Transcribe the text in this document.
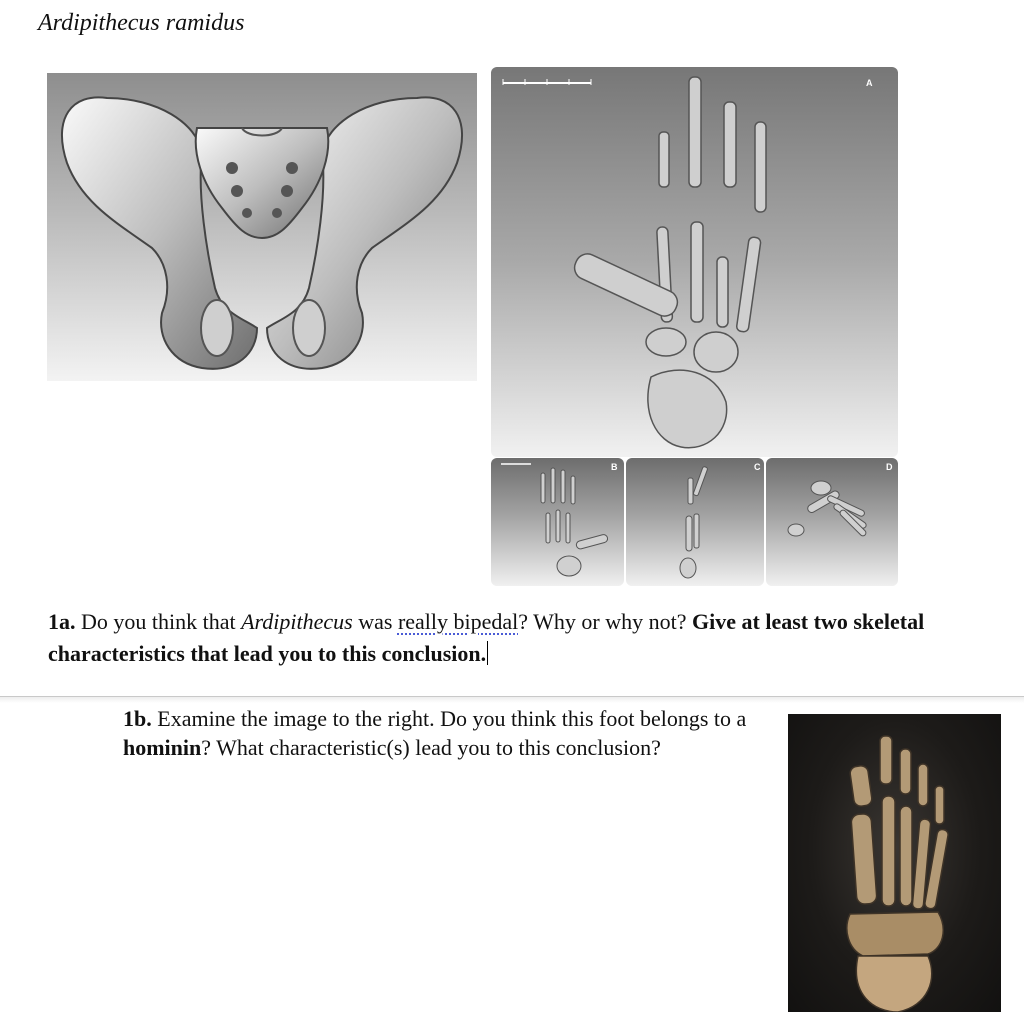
Ardipithecus ramidus
A
B	C	D
1a. Do you think that Ardipithecus was really bipedal? Why or why not? Give at least two skeletal characteristics that lead you to this conclusion.
1b. Examine the image to the right. Do you think this foot belongs to a hominin? What characteristic(s) lead you to this conclusion?
